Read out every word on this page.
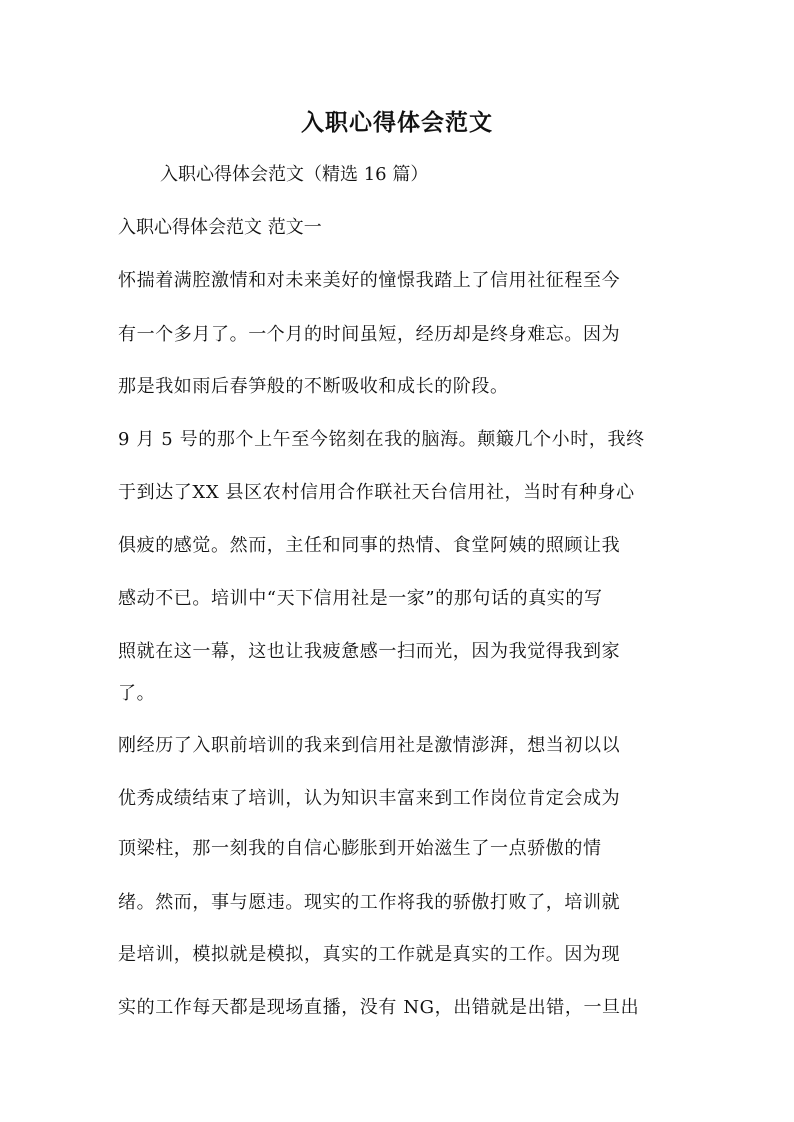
入职心得体会范文

入职心得体会范文（精选 16 篇）

入职心得体会范文 范文一

怀揣着满腔激情和对未来美好的憧憬我踏上了信用社征程至今

有一个多月了。一个月的时间虽短，经历却是终身难忘。因为

那是我如雨后春笋般的不断吸收和成长的阶段。

9 月 5 号的那个上午至今铭刻在我的脑海。颠簸几个小时，我终

于到达了XX 县区农村信用合作联社天台信用社，当时有种身心

俱疲的感觉。然而，主任和同事的热情、食堂阿姨的照顾让我

感动不已。培训中“天下信用社是一家”的那句话的真实的写

照就在这一幕，这也让我疲惫感一扫而光，因为我觉得我到家

了。

刚经历了入职前培训的我来到信用社是激情澎湃，想当初以以

优秀成绩结束了培训，认为知识丰富来到工作岗位肯定会成为

顶梁柱，那一刻我的自信心膨胀到开始滋生了一点骄傲的情

绪。然而，事与愿违。现实的工作将我的骄傲打败了，培训就

是培训，模拟就是模拟，真实的工作就是真实的工作。因为现

实的工作每天都是现场直播，没有 NG，出错就是出错，一旦出
